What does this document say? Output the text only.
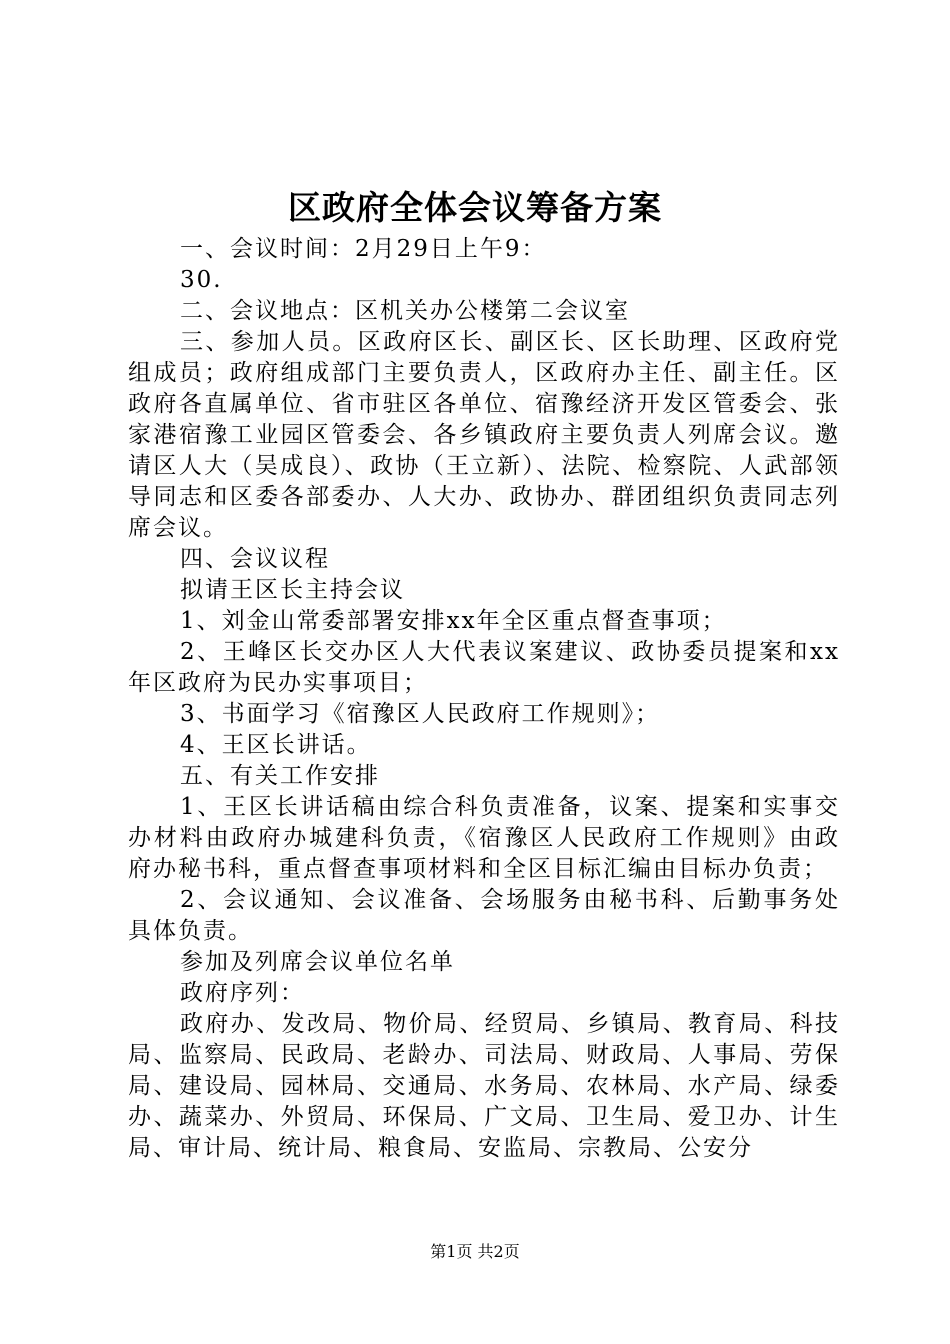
区政府全体会议筹备方案

一、会议时间：2月29日上午9：

30.

二、会议地点：区机关办公楼第二会议室

三、参加人员。区政府区长、副区长、区长助理、区政府党组成员；政府组成部门主要负责人，区政府办主任、副主任。区政府各直属单位、省市驻区各单位、宿豫经济开发区管委会、张家港宿豫工业园区管委会、各乡镇政府主要负责人列席会议。邀请区人大（吴成良）、政协（王立新）、法院、检察院、人武部领导同志和区委各部委办、人大办、政协办、群团组织负责同志列席会议。

四、会议议程

拟请王区长主持会议

1、刘金山常委部署安排xx年全区重点督查事项；

2、王峰区长交办区人大代表议案建议、政协委员提案和xx年区政府为民办实事项目；

3、书面学习《宿豫区人民政府工作规则》；

4、王区长讲话。

五、有关工作安排

1、王区长讲话稿由综合科负责准备，议案、提案和实事交办材料由政府办城建科负责，《宿豫区人民政府工作规则》由政府办秘书科，重点督查事项材料和全区目标汇编由目标办负责；

2、会议通知、会议准备、会场服务由秘书科、后勤事务处具体负责。

参加及列席会议单位名单

政府序列：

政府办、发改局、物价局、经贸局、乡镇局、教育局、科技局、监察局、民政局、老龄办、司法局、财政局、人事局、劳保局、建设局、园林局、交通局、水务局、农林局、水产局、绿委办、蔬菜办、外贸局、环保局、广文局、卫生局、爱卫办、计生局、审计局、统计局、粮食局、安监局、宗教局、公安分

第1页 共2页
